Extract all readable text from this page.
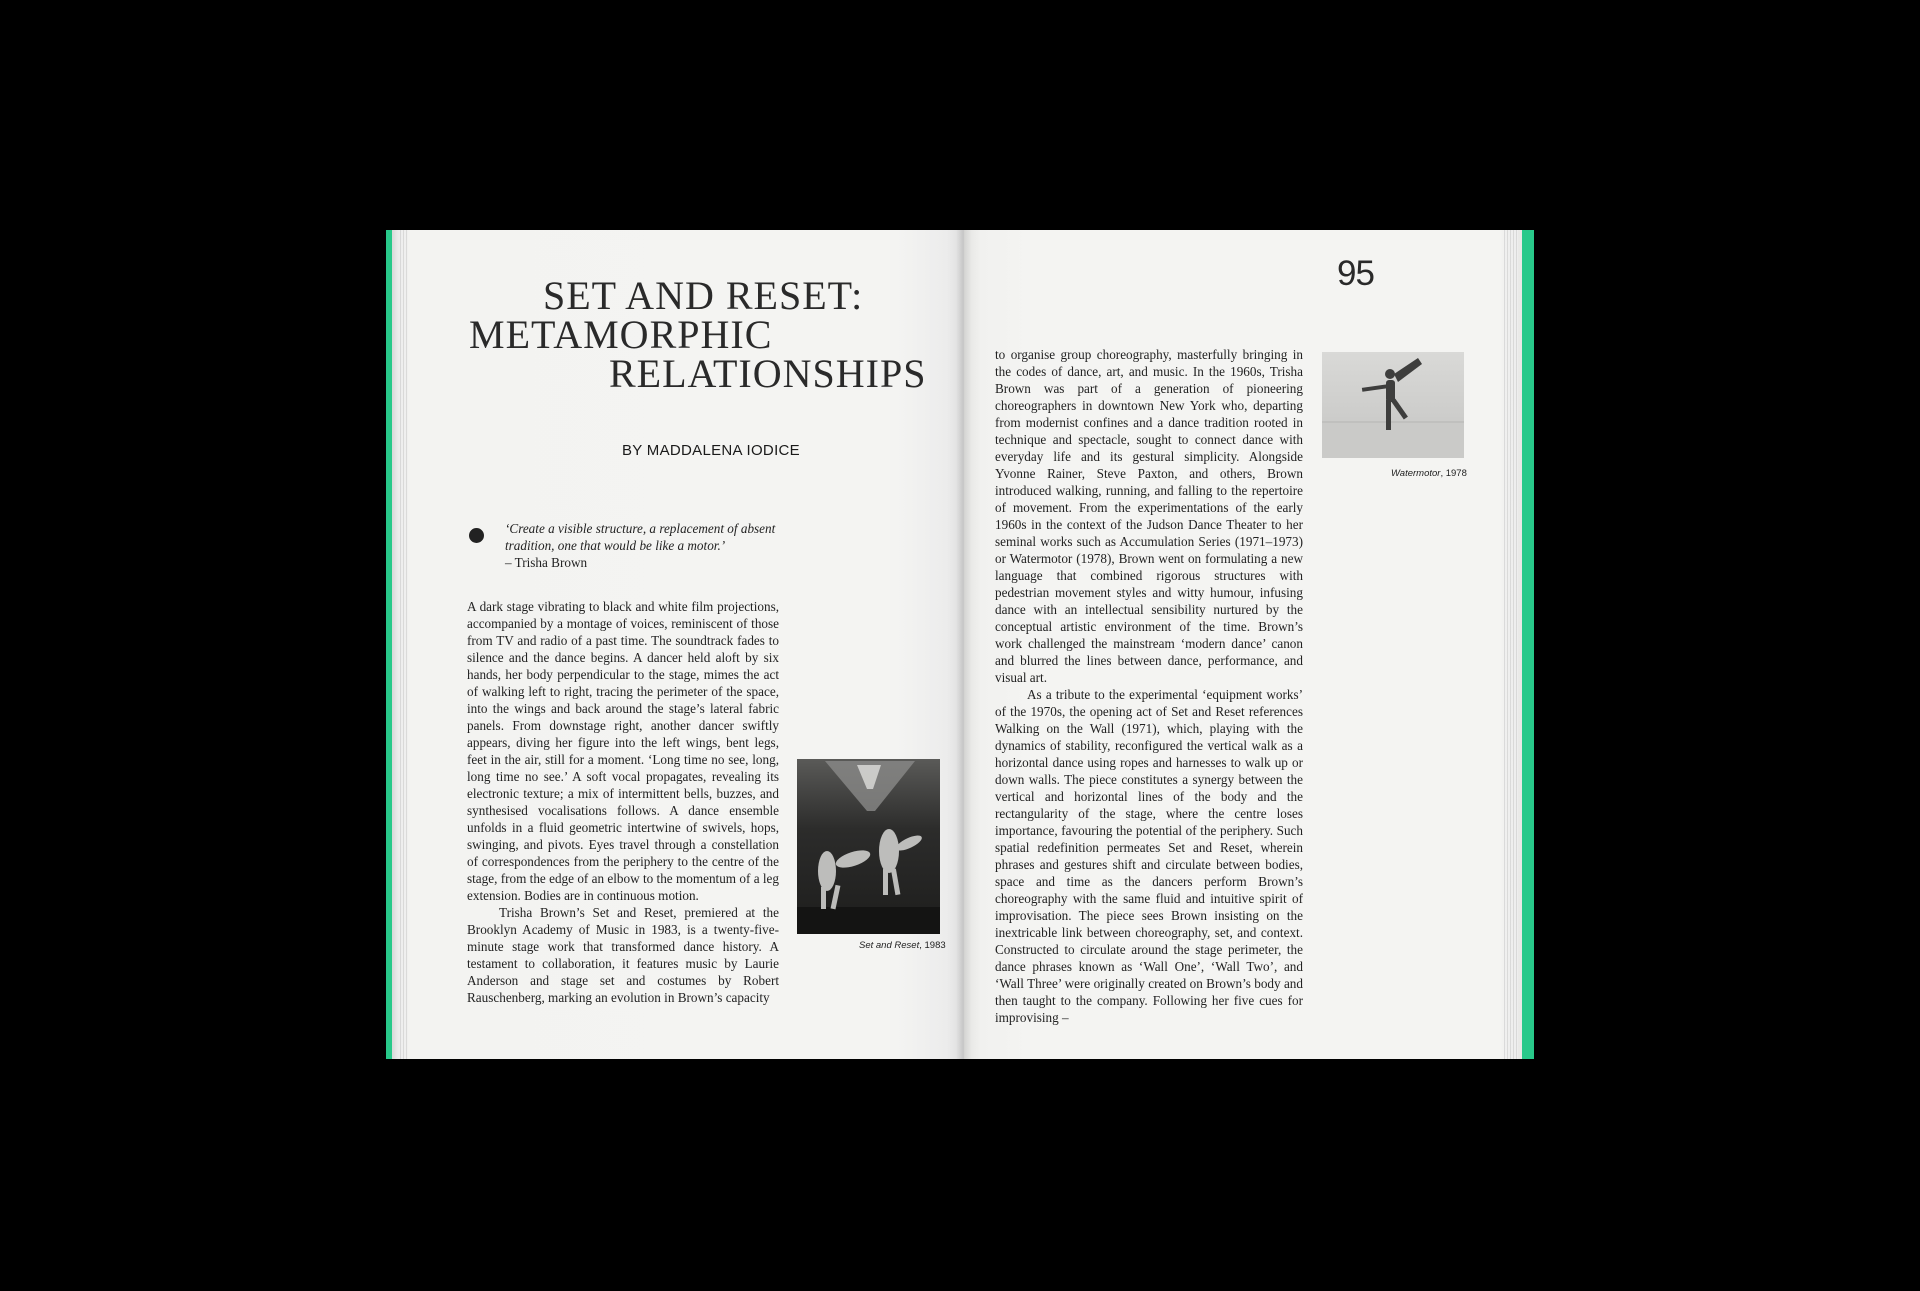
SET AND RESET:
METAMORPHIC
RELATIONSHIPS
BY MADDALENA IODICE
‘Create a visible structure, a replacement of absent tradition, one that would be like a motor.’
– Trisha Brown

A dark stage vibrating to black and white film projections, accompanied by a montage of voices, reminiscent of those from TV and radio of a past time. The soundtrack fades to silence and the dance begins. A dancer held aloft by six hands, her body perpendicular to the stage, mimes the act of walking left to right, tracing the perimeter of the space, into the wings and back around the stage’s lateral fabric panels. From downstage right, another dancer swiftly appears, diving her figure into the left wings, bent legs, feet in the air, still for a moment. ‘Long time no see, long, long time no see.’ A soft vocal propagates, revealing its electronic texture; a mix of intermittent bells, buzzes, and synthesised vocalisations follows. A dance ensemble unfolds in a fluid geometric intertwine of swivels, hops, swinging, and pivots. Eyes travel through a constellation of correspondences from the periphery to the centre of the stage, from the edge of an elbow to the momentum of a leg extension. Bodies are in continuous motion.

Trisha Brown’s Set and Reset, premiered at the Brooklyn Academy of Music in 1983, is a twenty-five-minute stage work that transformed dance history. A testament to collaboration, it features music by Laurie Anderson and stage set and costumes by Robert Rauschenberg, marking an evolution in Brown’s capacity

Set and Reset, 1983
95

to organise group choreography, masterfully bringing in the codes of dance, art, and music. In the 1960s, Trisha Brown was part of a generation of pioneering choreographers in downtown New York who, departing from modernist confines and a dance tradition rooted in technique and spectacle, sought to connect dance with everyday life and its gestural simplicity. Alongside Yvonne Rainer, Steve Paxton, and others, Brown introduced walking, running, and falling to the repertoire of movement. From the experimentations of the early 1960s in the context of the Judson Dance Theater to her seminal works such as Accumulation Series (1971–1973) or Watermotor (1978), Brown went on formulating a new language that combined rigorous structures with pedestrian movement styles and witty humour, infusing dance with an intellectual sensibility nurtured by the conceptual artistic environment of the time. Brown’s work challenged the mainstream ‘modern dance’ canon and blurred the lines between dance, performance, and visual art.

As a tribute to the experimental ‘equipment works’ of the 1970s, the opening act of Set and Reset references Walking on the Wall (1971), which, playing with the dynamics of stability, reconfigured the vertical walk as a horizontal dance using ropes and harnesses to walk up or down walls. The piece constitutes a synergy between the vertical and horizontal lines of the body and the rectangularity of the stage, where the centre loses importance, favouring the potential of the periphery. Such spatial redefinition permeates Set and Reset, wherein phrases and gestures shift and circulate between bodies, space and time as the dancers perform Brown’s choreography with the same fluid and intuitive spirit of improvisation. The piece sees Brown insisting on the inextricable link between choreography, set, and context. Constructed to circulate around the stage perimeter, the dance phrases known as ‘Wall One’, ‘Wall Two’, and ‘Wall Three’ were originally created on Brown’s body and then taught to the company. Following her five cues for improvising –

Watermotor, 1978
